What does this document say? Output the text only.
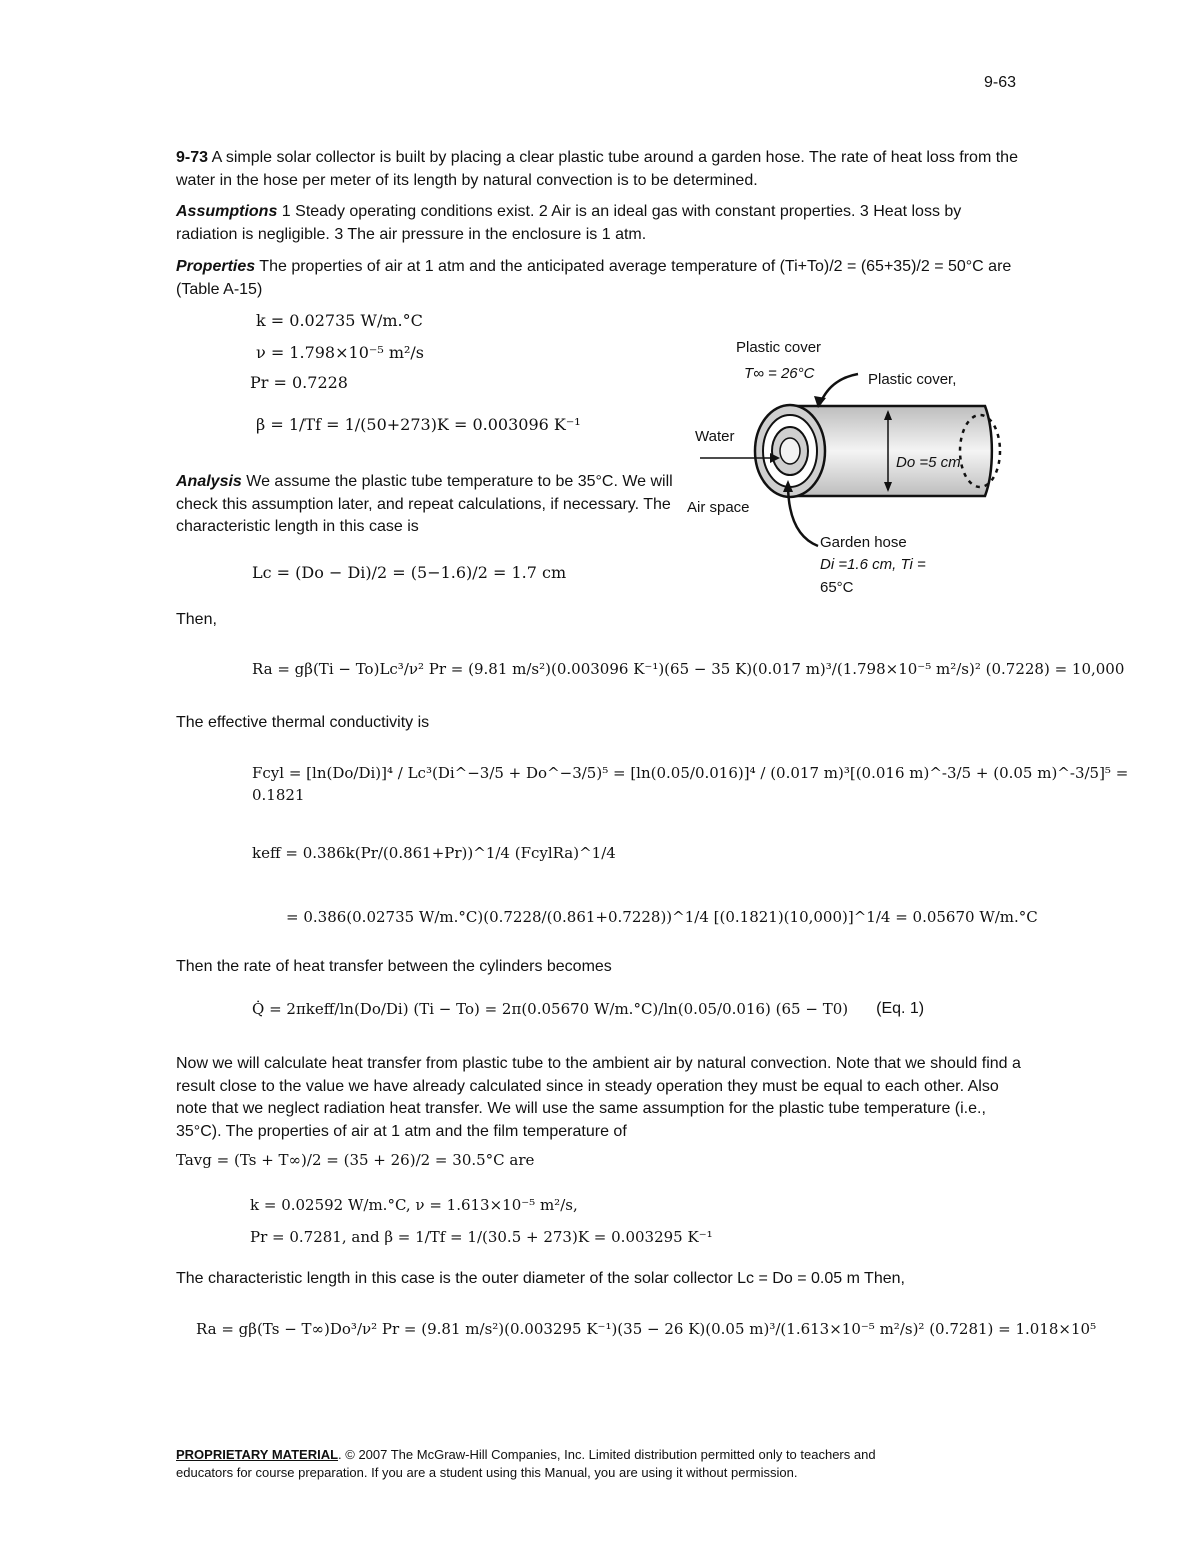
9-63
9-73 A simple solar collector is built by placing a clear plastic tube around a garden hose. The rate of heat loss from the water in the hose per meter of its length by natural convection is to be determined.
Assumptions 1 Steady operating conditions exist. 2 Air is an ideal gas with constant properties. 3 Heat loss by radiation is negligible. 3 The air pressure in the enclosure is 1 atm.
Properties The properties of air at 1 atm and the anticipated average temperature of (Ti+To)/2 = (65+35)/2 = 50°C are (Table A-15)
k = 0.02735 W/m.°C
ν = 1.798×10⁻⁵ m²/s
Pr = 0.7228
β = 1/Tf = 1/(50+273)K = 0.003096 K⁻¹
Analysis We assume the plastic tube temperature to be 35°C. We will check this assumption later, and repeat calculations, if necessary. The characteristic length in this case is
Lc = (Do − Di)/2 = (5−1.6)/2 = 1.7 cm
Then,
Ra = gβ(Ti − To)Lc³/ν² Pr = (9.81 m/s²)(0.003096 K⁻¹)(65 − 35 K)(0.017 m)³/(1.798×10⁻⁵ m²/s)² (0.7228) = 10,000
The effective thermal conductivity is
Fcyl = [ln(Do/Di)]⁴ / Lc³(Di^−3/5 + Do^−3/5)⁵ = [ln(0.05/0.016)]⁴ / (0.017 m)³[(0.016 m)^-3/5 + (0.05 m)^-3/5]⁵ = 0.1821
keff = 0.386k(Pr/(0.861+Pr))^1/4 (FcylRa)^1/4
= 0.386(0.02735 W/m.°C)(0.7228/(0.861+0.7228))^1/4 [(0.1821)(10,000)]^1/4 = 0.05670 W/m.°C
Then the rate of heat transfer between the cylinders becomes
Q̇ = 2πkeff/ln(Do/Di) (Ti − To) = 2π(0.05670 W/m.°C)/ln(0.05/0.016) (65 − T0) (Eq. 1)
Now we will calculate heat transfer from plastic tube to the ambient air by natural convection. Note that we should find a result close to the value we have already calculated since in steady operation they must be equal to each other. Also note that we neglect radiation heat transfer. We will use the same assumption for the plastic tube temperature (i.e., 35°C). The properties of air at 1 atm and the film temperature of
Tavg = (Ts + T∞)/2 = (35 + 26)/2 = 30.5°C are
k = 0.02592 W/m.°C, ν = 1.613×10⁻⁵ m²/s,
Pr = 0.7281, and β = 1/Tf = 1/(30.5 + 273)K = 0.003295 K⁻¹
The characteristic length in this case is the outer diameter of the solar collector Lc = Do = 0.05 m Then,
Ra = gβ(Ts − T∞)Do³/ν² Pr = (9.81 m/s²)(0.003295 K⁻¹)(35 − 26 K)(0.05 m)³/(1.613×10⁻⁵ m²/s)² (0.7281) = 1.018×10⁵
Plastic cover
T∞ = 26°C	Plastic cover,
Water
Do =5 cm
Air space
Garden hose
Di =1.6 cm, Ti =
65°C
PROPRIETARY MATERIAL. © 2007 The McGraw-Hill Companies, Inc. Limited distribution permitted only to teachers and
educators for course preparation. If you are a student using this Manual, you are using it without permission.
